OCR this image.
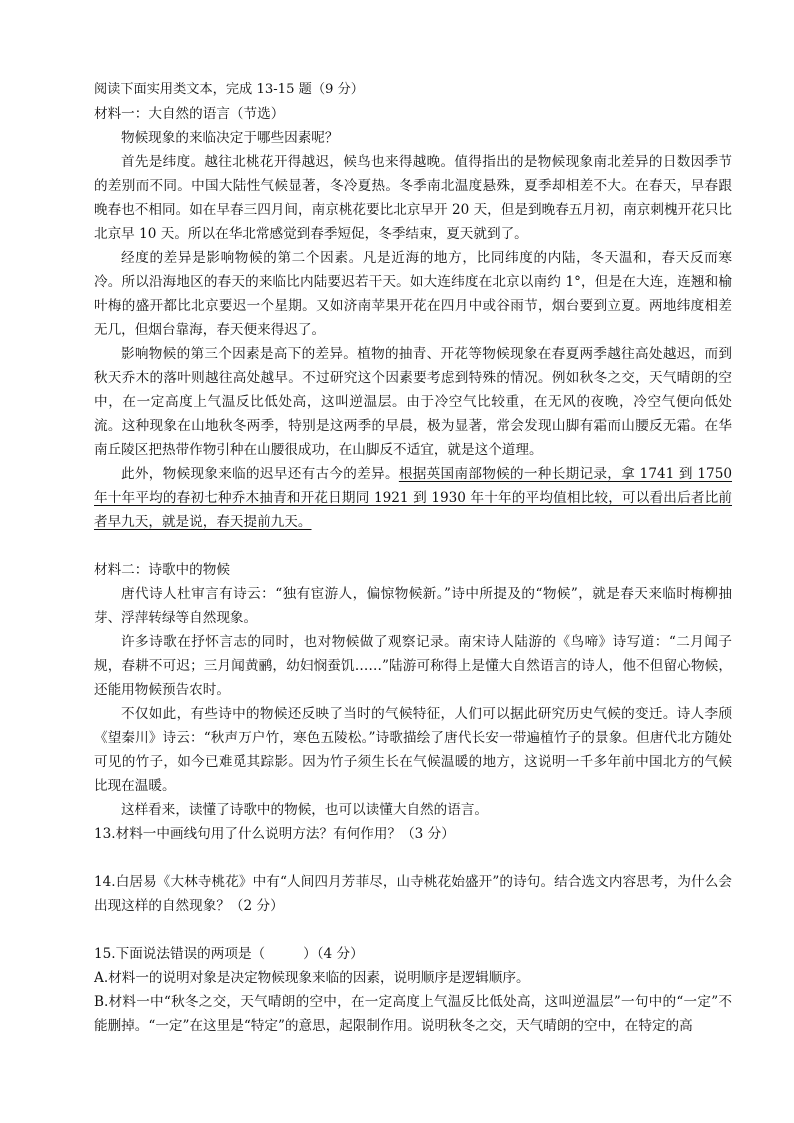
阅读下面实用类文本，完成 13-15 题（9 分）
材料一：大自然的语言（节选）

物候现象的来临决定于哪些因素呢？

首先是纬度。越往北桃花开得越迟，候鸟也来得越晚。值得指出的是物候现象南北差异的日数因季节的差别而不同。中国大陆性气候显著，冬冷夏热。冬季南北温度悬殊，夏季却相差不大。在春天，早春跟晚春也不相同。如在早春三四月间，南京桃花要比北京早开 20 天，但是到晚春五月初，南京刺槐开花只比北京早 10 天。所以在华北常感觉到春季短促，冬季结束，夏天就到了。

经度的差异是影响物候的第二个因素。凡是近海的地方，比同纬度的内陆，冬天温和，春天反而寒冷。所以沿海地区的春天的来临比内陆要迟若干天。如大连纬度在北京以南约 1°，但是在大连，连翘和榆叶梅的盛开都比北京要迟一个星期。又如济南苹果开花在四月中或谷雨节，烟台要到立夏。两地纬度相差无几，但烟台靠海，春天便来得迟了。

影响物候的第三个因素是高下的差异。植物的抽青、开花等物候现象在春夏两季越往高处越迟，而到秋天乔木的落叶则越往高处越早。不过研究这个因素要考虑到特殊的情况。例如秋冬之交，天气晴朗的空中，在一定高度上气温反比低处高，这叫逆温层。由于冷空气比较重，在无风的夜晚，冷空气便向低处流。这种现象在山地秋冬两季，特别是这两季的早晨，极为显著，常会发现山脚有霜而山腰反无霜。在华南丘陵区把热带作物引种在山腰很成功，在山脚反不适宜，就是这个道理。

此外，物候现象来临的迟早还有古今的差异。根据英国南部物候的一种长期记录，拿 1741 到 1750 年十年平均的春初七种乔木抽青和开花日期同 1921 到 1930 年十年的平均值相比较，可以看出后者比前者早九天，就是说，春天提前九天。

材料二：诗歌中的物候

唐代诗人杜审言有诗云：“独有宦游人，偏惊物候新。”诗中所提及的“物候”，就是春天来临时梅柳抽芽、浮萍转绿等自然现象。

许多诗歌在抒怀言志的同时，也对物候做了观察记录。南宋诗人陆游的《鸟啼》诗写道：“二月闻子规，春耕不可迟；三月闻黄鹂，幼妇悯蚕饥……”陆游可称得上是懂大自然语言的诗人，他不但留心物候，还能用物候预告农时。

不仅如此，有些诗中的物候还反映了当时的气候特征，人们可以据此研究历史气候的变迁。诗人李颀《望秦川》诗云：“秋声万户竹，寒色五陵松。”诗歌描绘了唐代长安一带遍植竹子的景象。但唐代北方随处可见的竹子，如今已难觅其踪影。因为竹子须生长在气候温暖的地方，这说明一千多年前中国北方的气候比现在温暖。

这样看来，读懂了诗歌中的物候，也可以读懂大自然的语言。

13.材料一中画线句用了什么说明方法？有何作用？（3 分）

14.白居易《大林寺桃花》中有“人间四月芳菲尽，山寺桃花始盛开”的诗句。结合选文内容思考，为什么会出现这样的自然现象？（2 分）

15.下面说法错误的两项是（	）（4 分）

A.材料一的说明对象是决定物候现象来临的因素，说明顺序是逻辑顺序。

B.材料一中“秋冬之交，天气晴朗的空中，在一定高度上气温反比低处高，这叫逆温层”一句中的“一定”不能删掉。“一定”在这里是“特定”的意思，起限制作用。说明秋冬之交，天气晴朗的空中，在特定的高
